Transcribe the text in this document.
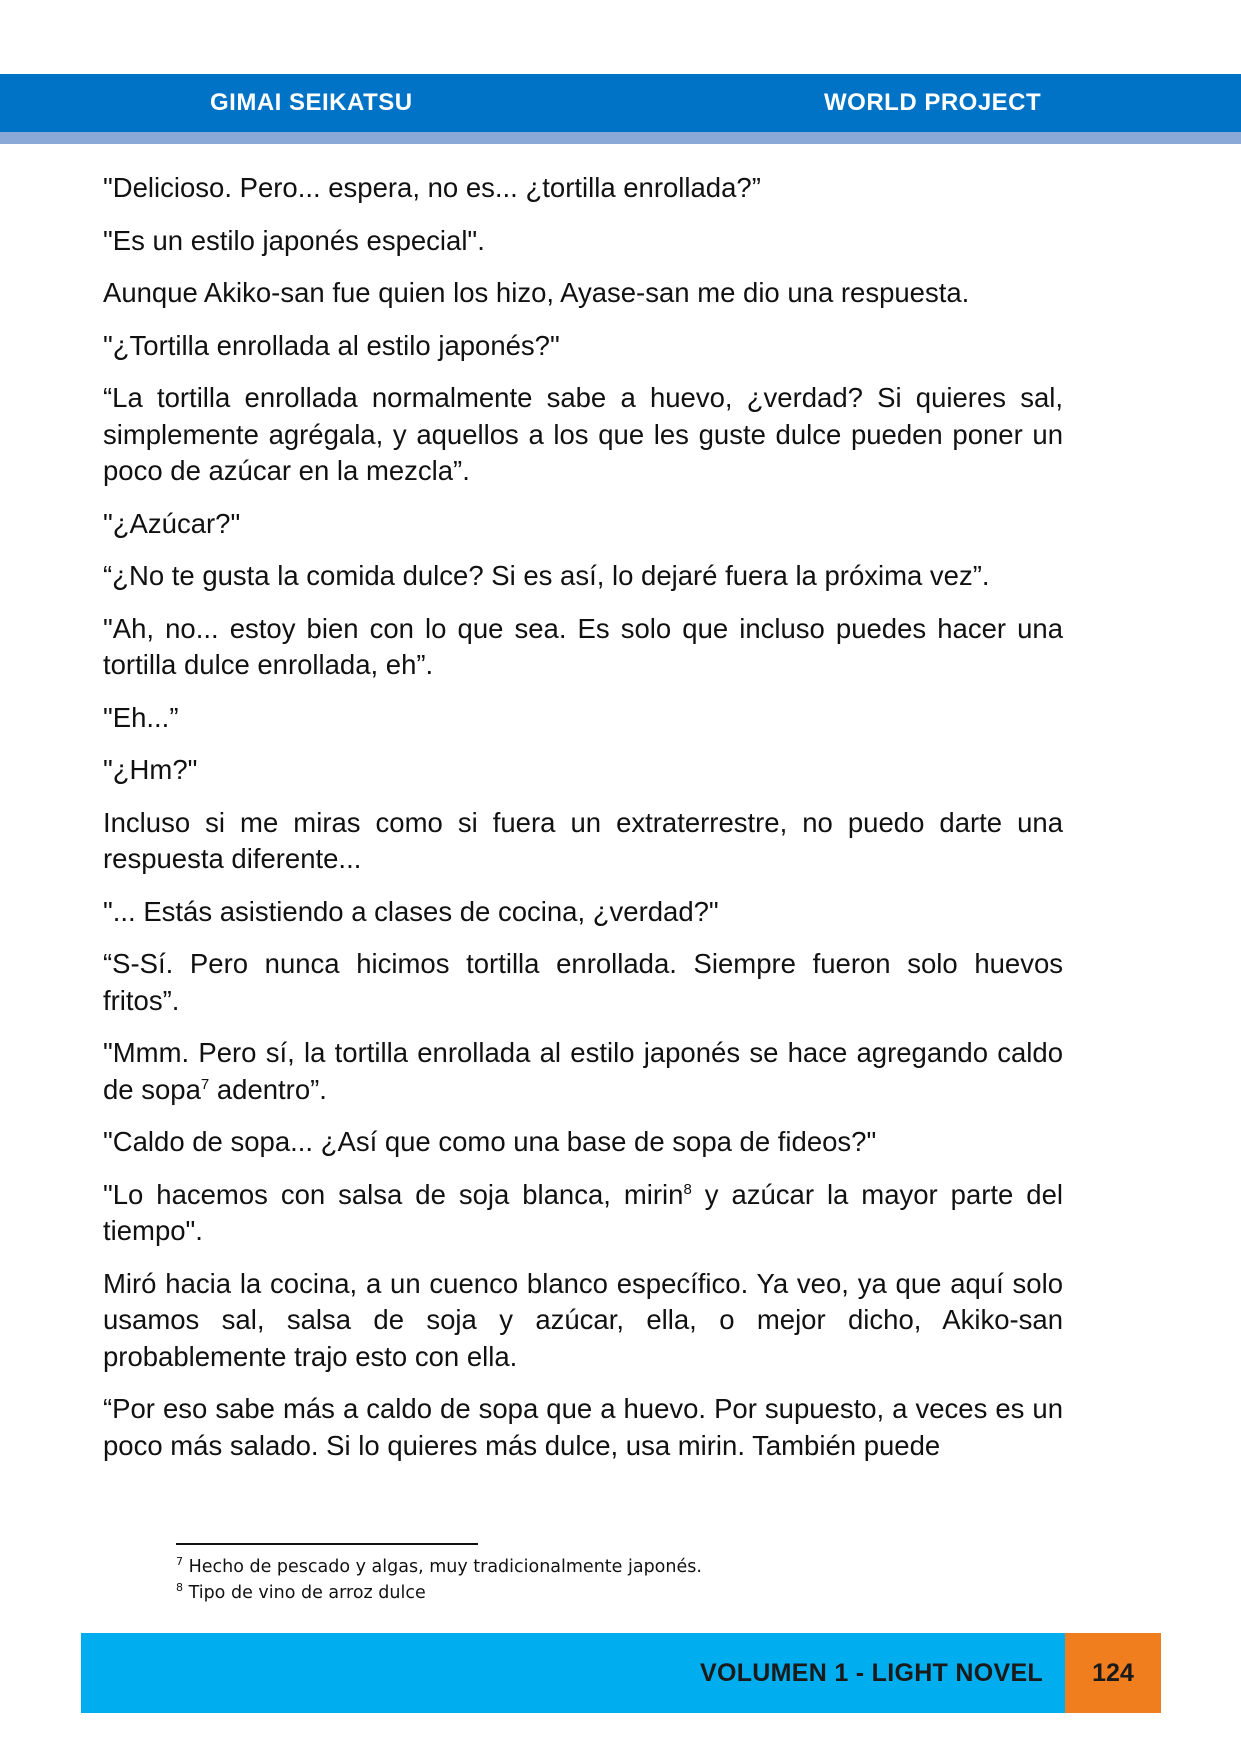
GIMAI SEIKATSU	WORLD PROJECT

"Delicioso. Pero... espera, no es... ¿tortilla enrollada?”

"Es un estilo japonés especial".

Aunque Akiko-san fue quien los hizo, Ayase-san me dio una respuesta.

"¿Tortilla enrollada al estilo japonés?"

“La tortilla enrollada normalmente sabe a huevo, ¿verdad? Si quieres sal, simplemente agrégala, y aquellos a los que les guste dulce pueden poner un poco de azúcar en la mezcla”.

"¿Azúcar?"

“¿No te gusta la comida dulce? Si es así, lo dejaré fuera la próxima vez”.

"Ah, no... estoy bien con lo que sea. Es solo que incluso puedes hacer una tortilla dulce enrollada, eh”.

"Eh...”

"¿Hm?"

Incluso si me miras como si fuera un extraterrestre, no puedo darte una respuesta diferente...

"... Estás asistiendo a clases de cocina, ¿verdad?"

“S-Sí. Pero nunca hicimos tortilla enrollada. Siempre fueron solo huevos fritos”.

"Mmm. Pero sí, la tortilla enrollada al estilo japonés se hace agregando caldo de sopa$^7$ adentro”.

"Caldo de sopa... ¿Así que como una base de sopa de fideos?"

"Lo hacemos con salsa de soja blanca, mirin$^8$ y azúcar la mayor parte del tiempo".

Miró hacia la cocina, a un cuenco blanco específico. Ya veo, ya que aquí solo usamos sal, salsa de soja y azúcar, ella, o mejor dicho, Akiko-san probablemente trajo esto con ella.

“Por eso sabe más a caldo de sopa que a huevo. Por supuesto, a veces es un poco más salado. Si lo quieres más dulce, usa mirin. También puede

$^7$ Hecho de pescado y algas, muy tradicionalmente japonés.
$^8$ Tipo de vino de arroz dulce
VOLUMEN 1 - LIGHT NOVEL	124
